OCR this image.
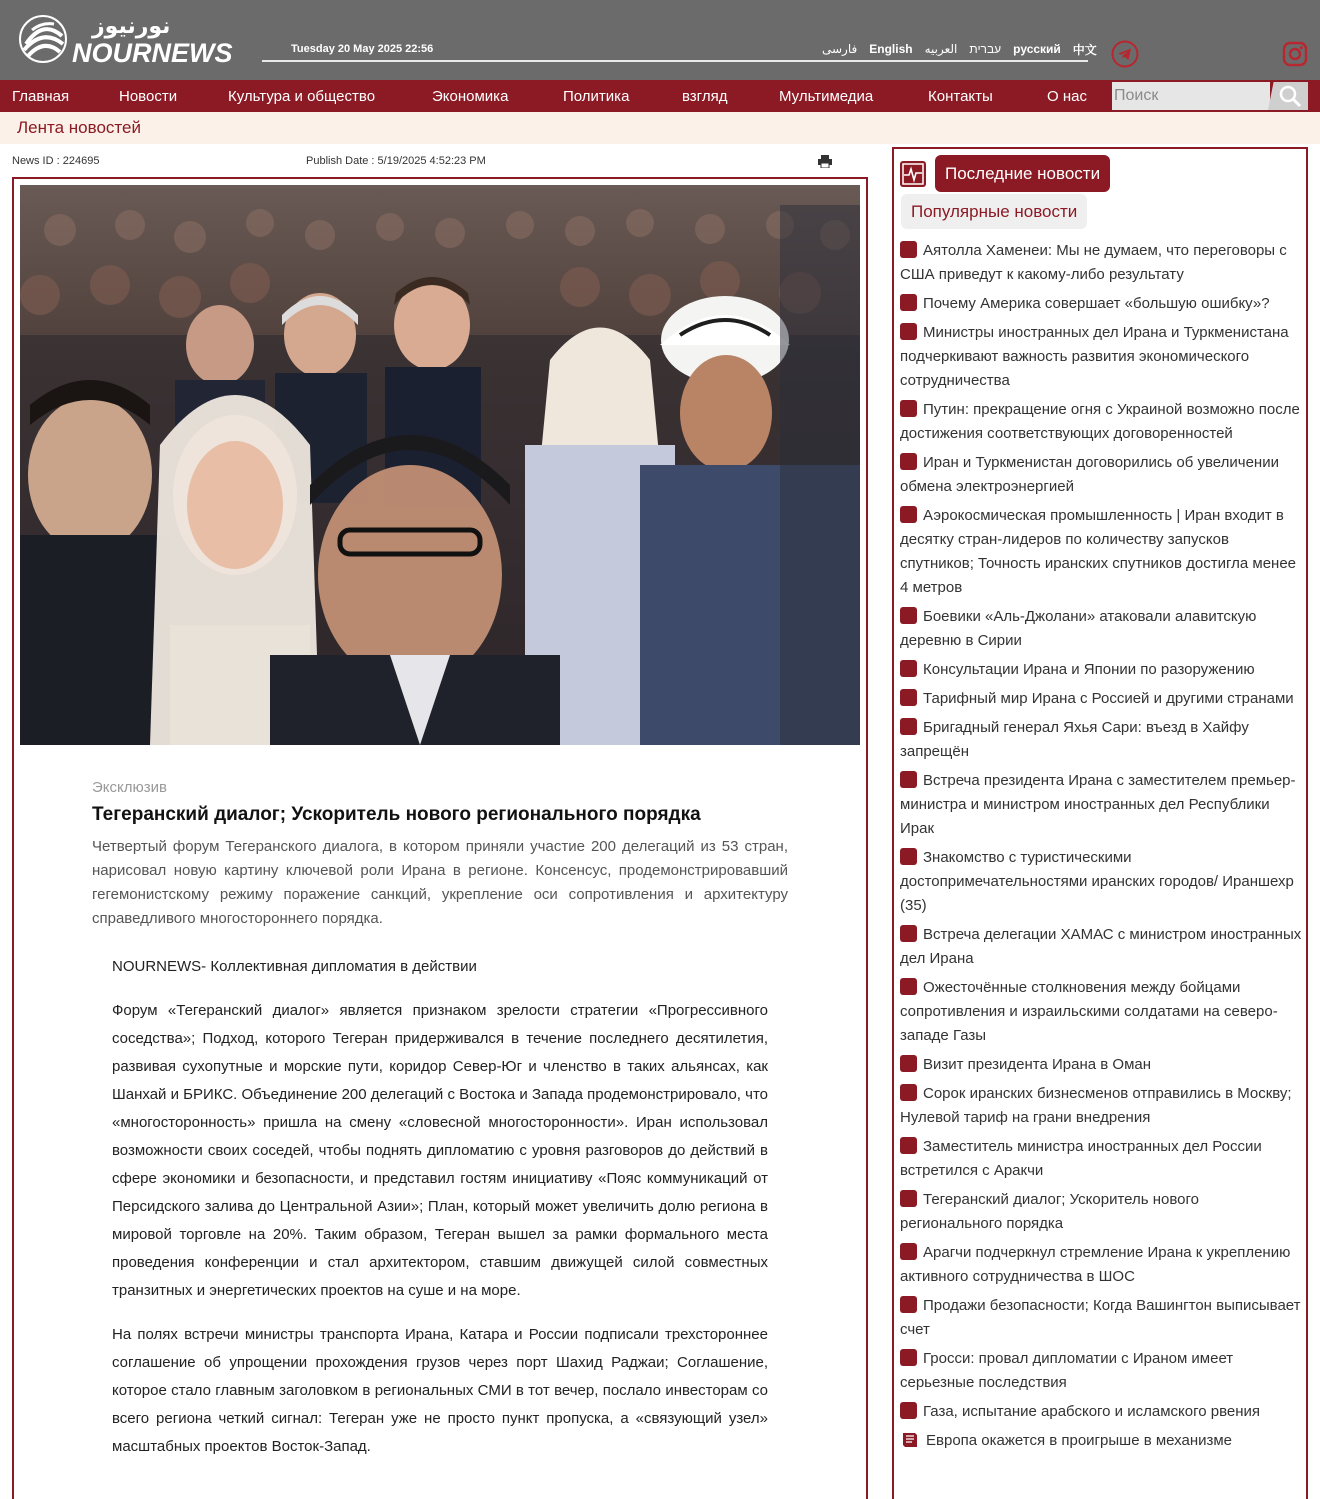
نورنیوز
NOURNEWS	Tuesday 20 May 2025 22:56	فارسی English العربیه עברית русский 中文
Главная	Новости	Культура и общество	Экономика	Политика	взгляд	Мультимедиа	Контакты	О нас
Поиск
Лента новостей
News ID : 224695	Publish Date : 5/19/2025 4:52:23 PM
Эксклюзив
Тегеранский диалог; Ускоритель нового регионального порядка

Четвертый форум Тегеранского диалога, в котором приняли участие 200 делегаций из 53 стран, нарисовал новую картину ключевой роли Ирана в регионе. Консенсус, продемонстрировавший гегемонистскому режиму поражение санкций, укрепление оси сопротивления и архитектуру справедливого многостороннего порядка.

NOURNEWS- Коллективная дипломатия в действии

Форум «Тегеранский диалог» является признаком зрелости стратегии «Прогрессивного соседства»; Подход, которого Тегеран придерживался в течение последнего десятилетия, развивая сухопутные и морские пути, коридор Север-Юг и членство в таких альянсах, как Шанхай и БРИКС. Объединение 200 делегаций с Востока и Запада продемонстрировало, что «многосторонность» пришла на смену «словесной многосторонности». Иран использовал возможности своих соседей, чтобы поднять дипломатию с уровня разговоров до действий в сфере экономики и безопасности, и представил гостям инициативу «Пояс коммуникаций от Персидского залива до Центральной Азии»; План, который может увеличить долю региона в мировой торговле на 20%. Таким образом, Тегеран вышел за рамки формального места проведения конференции и стал архитектором, ставшим движущей силой совместных транзитных и энергетических проектов на суше и на море.

На полях встречи министры транспорта Ирана, Катара и России подписали трехстороннее соглашение об упрощении прохождения грузов через порт Шахид Раджаи; Соглашение, которое стало главным заголовком в региональных СМИ в тот вечер, послало инвесторам со всего региона четкий сигнал: Тегеран уже не просто пункт пропуска, а «связующий узел» масштабных проектов Восток-Запад.

Последние новости
Популярные новости
Аятолла Хаменеи: Мы не думаем, что переговоры с США приведут к какому-либо результату
Почему Америка совершает «большую ошибку»?
Министры иностранных дел Ирана и Туркменистана подчеркивают важность развития экономического сотрудничества
Путин: прекращение огня с Украиной возможно после достижения соответствующих договоренностей
Иран и Туркменистан договорились об увеличении обмена электроэнергией
Аэрокосмическая промышленность | Иран входит в десятку стран-лидеров по количеству запусков спутников; Точность иранских спутников достигла менее 4 метров
Боевики «Аль-Джолани» атаковали алавитскую деревню в Сирии
Консультации Ирана и Японии по разоружению
Тарифный мир Ирана с Россией и другими странами
Бригадный генерал Яхья Сари: въезд в Хайфу запрещён
Встреча президента Ирана с заместителем премьер-министра и министром иностранных дел Республики Ирак
Знакомство с туристическими достопримечательностями иранских городов/ Ираншехр (35)
Встреча делегации ХАМАС с министром иностранных дел Ирана
Ожесточённые столкновения между бойцами сопротивления и израильскими солдатами на северо-западе Газы
Визит президента Ирана в Оман
Сорок иранских бизнесменов отправились в Москву; Нулевой тариф на грани внедрения
Заместитель министра иностранных дел России встретился с Аракчи
Тегеранский диалог; Ускоритель нового регионального порядка
Арагчи подчеркнул стремление Ирана к укреплению активного сотрудничества в ШОС
Продажи безопасности; Когда Вашингтон выписывает счет
Гросси: провал дипломатии с Ираном имеет серьезные последствия
Газа, испытание арабского и исламского рвения
Европа окажется в проигрыше в механизме
